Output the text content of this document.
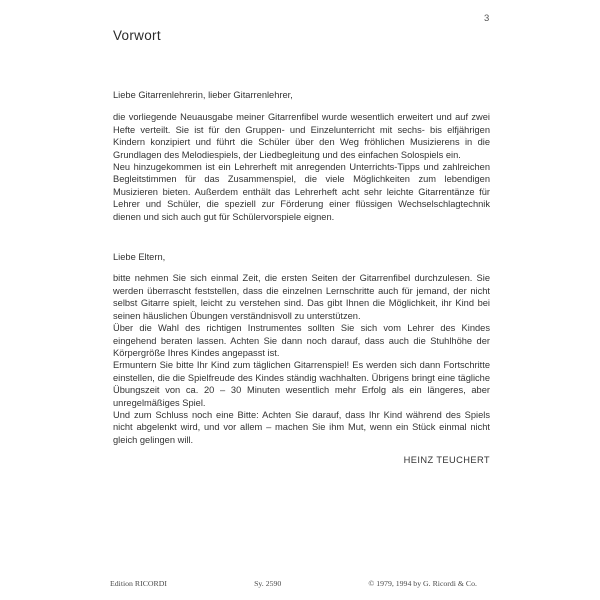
3
Vorwort

Liebe Gitarrenlehrerin, lieber Gitarrenlehrer,

die vorliegende Neuausgabe meiner Gitarrenfibel wurde wesentlich erweitert und auf zwei Hefte verteilt. Sie ist für den Gruppen- und Einzelunterricht mit sechs- bis elfjährigen Kindern konzipiert und führt die Schüler über den Weg fröhlichen Musizierens in die Grundlagen des Melodiespiels, der Liedbegleitung und des einfachen Solospiels ein.

Neu hinzugekommen ist ein Lehrerheft mit anregenden Unterrichts-Tipps und zahlreichen Begleitstimmen für das Zusammenspiel, die viele Möglichkeiten zum lebendigen Musizieren bieten. Außerdem enthält das Lehrerheft acht sehr leichte Gitarrentänze für Lehrer und Schüler, die speziell zur Förderung einer flüssigen Wechselschlagtechnik dienen und sich auch gut für Schülervorspiele eignen.

Liebe Eltern,

bitte nehmen Sie sich einmal Zeit, die ersten Seiten der Gitarrenfibel durchzulesen. Sie werden überrascht feststellen, dass die einzelnen Lernschritte auch für jemand, der nicht selbst Gitarre spielt, leicht zu verstehen sind. Das gibt Ihnen die Möglichkeit, ihr Kind bei seinen häuslichen Übungen verständnisvoll zu unterstützen.

Über die Wahl des richtigen Instrumentes sollten Sie sich vom Lehrer des Kindes eingehend beraten lassen. Achten Sie dann noch darauf, dass auch die Stuhlhöhe der Körpergröße Ihres Kindes angepasst ist.

Ermuntern Sie bitte Ihr Kind zum täglichen Gitarrenspiel! Es werden sich dann Fortschritte einstellen, die die Spielfreude des Kindes ständig wachhalten. Übrigens bringt eine tägliche Übungszeit von ca. 20 – 30 Minuten wesentlich mehr Erfolg als ein längeres, aber unregelmäßiges Spiel.

Und zum Schluss noch eine Bitte: Achten Sie darauf, dass Ihr Kind während des Spiels nicht abgelenkt wird, und vor allem – machen Sie ihm Mut, wenn ein Stück einmal nicht gleich gelingen will.

HEINZ TEUCHERT

Edition RICORDI	Sy. 2590	© 1979, 1994 by G. Ricordi & Co.
